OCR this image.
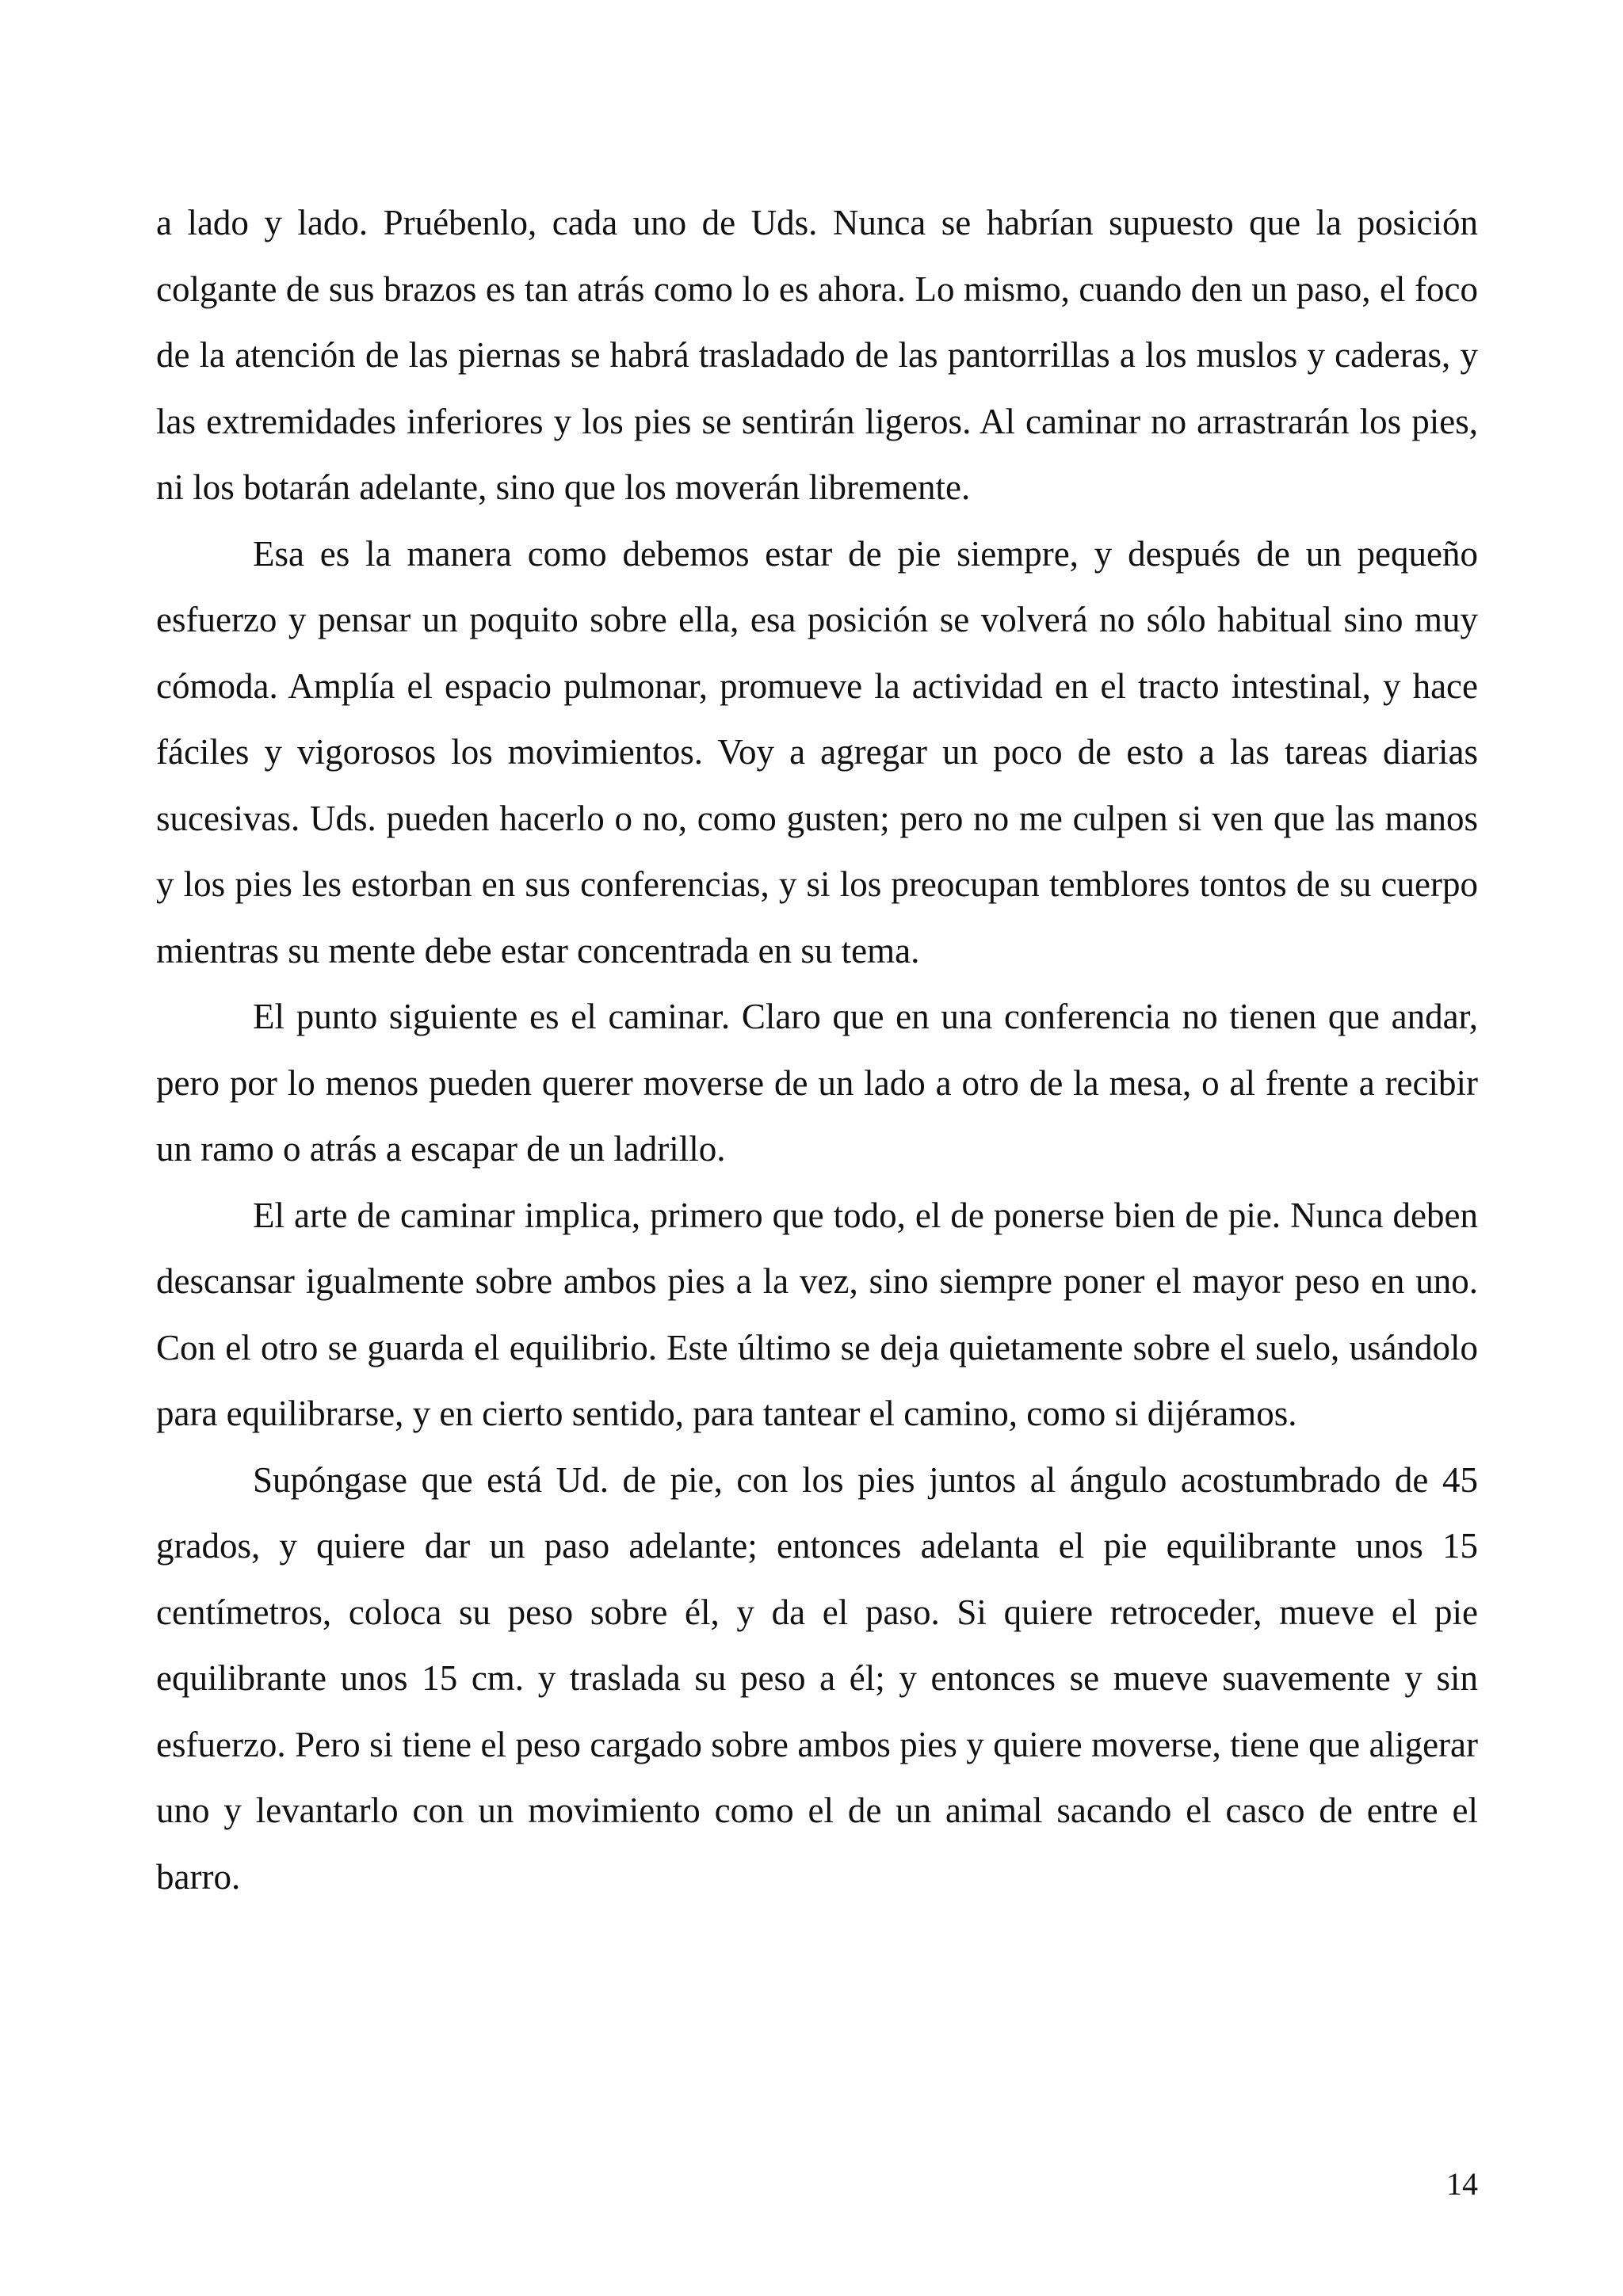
a lado y lado. Pruébenlo, cada uno de Uds. Nunca se habrían supuesto que la posición colgante de sus brazos es tan atrás como lo es ahora. Lo mismo, cuando den un paso, el foco de la atención de las piernas se habrá trasladado de las pantorrillas a los muslos y caderas, y las extremidades inferiores y los pies se sentirán ligeros. Al caminar no arrastrarán los pies, ni los botarán adelante, sino que los moverán libremente.

Esa es la manera como debemos estar de pie siempre, y después de un pequeño esfuerzo y pensar un poquito sobre ella, esa posición se volverá no sólo habitual sino muy cómoda. Amplía el espacio pulmonar, promueve la actividad en el tracto intestinal, y hace fáciles y vigorosos los movimientos. Voy a agregar un poco de esto a las tareas diarias sucesivas. Uds. pueden hacerlo o no, como gusten; pero no me culpen si ven que las manos y los pies les estorban en sus conferencias, y si los preocupan temblores tontos de su cuerpo mientras su mente debe estar concentrada en su tema.

El punto siguiente es el caminar. Claro que en una conferencia no tienen que andar, pero por lo menos pueden querer moverse de un lado a otro de la mesa, o al frente a recibir un ramo o atrás a escapar de un ladrillo.

El arte de caminar implica, primero que todo, el de ponerse bien de pie. Nunca deben descansar igualmente sobre ambos pies a la vez, sino siempre poner el mayor peso en uno. Con el otro se guarda el equilibrio. Este último se deja quietamente sobre el suelo, usándolo para equilibrarse, y en cierto sentido, para tantear el camino, como si dijéramos.

Supóngase que está Ud. de pie, con los pies juntos al ángulo acostumbrado de 45 grados, y quiere dar un paso adelante; entonces adelanta el pie equilibrante unos 15 centímetros, coloca su peso sobre él, y da el paso. Si quiere retroceder, mueve el pie equilibrante unos 15 cm. y traslada su peso a él; y entonces se mueve suavemente y sin esfuerzo. Pero si tiene el peso cargado sobre ambos pies y quiere moverse, tiene que aligerar uno y levantarlo con un movimiento como el de un animal sacando el casco de entre el barro.

14
